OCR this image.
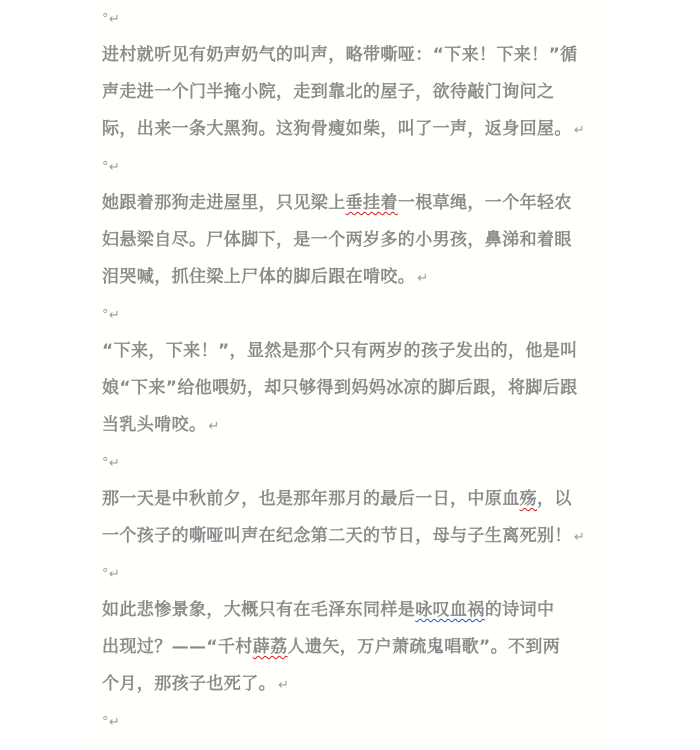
°↵
进村就听见有奶声奶气的叫声，略带嘶哑：“下来！下来！”循
声走进一个门半掩小院，走到靠北的屋子，欲待敲门询问之
际，出来一条大黑狗。这狗骨瘦如柴，叫了一声，返身回屋。 ↵
°↵
她跟着那狗走进屋里，只见梁上垂挂着一根草绳，一个年轻农
妇悬梁自尽。尸体脚下，是一个两岁多的小男孩，鼻涕和着眼
泪哭喊，抓住梁上尸体的脚后跟在啃咬。 ↵
°↵
“下来，下来！”，显然是那个只有两岁的孩子发出的，他是叫
娘“下来”给他喂奶，却只够得到妈妈冰凉的脚后跟，将脚后跟
当乳头啃咬。 ↵
°↵
那一天是中秋前夕，也是那年那月的最后一日，中原血殇，以
一个孩子的嘶哑叫声在纪念第二天的节日，母与子生离死别！ ↵
°↵
如此悲惨景象，大概只有在毛泽东同样是咏叹血祸的诗词中
出现过？——“千村薜荔人遗矢，万户萧疏鬼唱歌”。不到两
个月，那孩子也死了。 ↵
°↵
